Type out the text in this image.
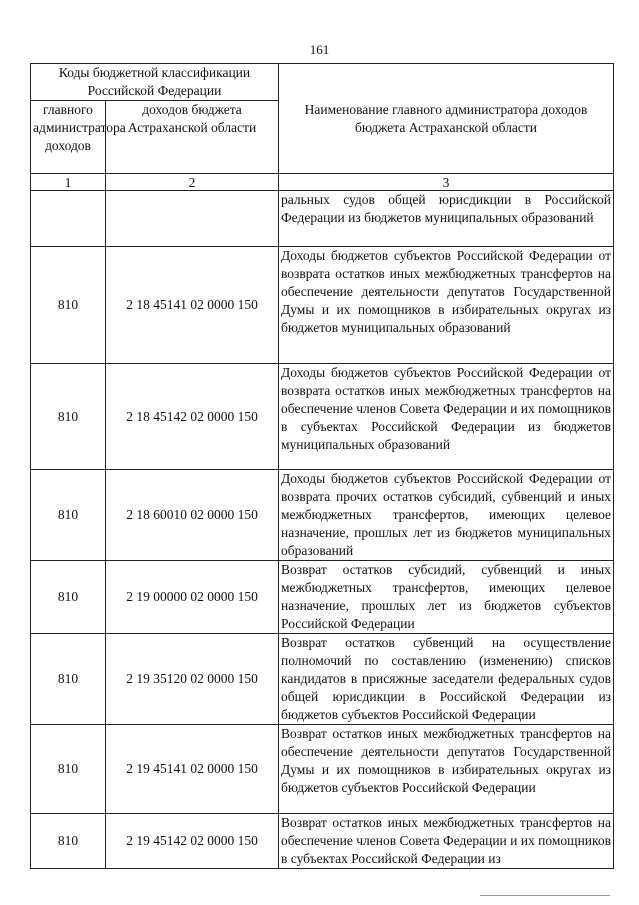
161
Коды бюджетной классификации Российской Федерации		Наименование главного администратора доходов бюджета Астраханской области
главного администратора доходов	доходов бюджета Астраханской области	
1	2	3
		ральных судов общей юрисдикции в Российской Федерации из бюджетов муниципальных образований
810	2 18 45141 02 0000 150	Доходы бюджетов субъектов Российской Федерации от возврата остатков иных межбюджетных трансфертов на обеспечение деятельности депутатов Государственной Думы и их помощников в избирательных округах из бюджетов муниципальных образований
810	2 18 45142 02 0000 150	Доходы бюджетов субъектов Российской Федерации от возврата остатков иных межбюджетных трансфертов на обеспечение членов Совета Федерации и их помощников в субъектах Российской Федерации из бюджетов муниципальных образований
810	2 18 60010 02 0000 150	Доходы бюджетов субъектов Российской Федерации от возврата прочих остатков субсидий, субвенций и иных межбюджетных трансфертов, имеющих целевое назначение, прошлых лет из бюджетов муниципальных образований
810	2 19 00000 02 0000 150	Возврат остатков субсидий, субвенций и иных межбюджетных трансфертов, имеющих целевое назначение, прошлых лет из бюджетов субъектов Российской Федерации
810	2 19 35120 02 0000 150	Возврат остатков субвенций на осуществление полномочий по составлению (изменению) списков кандидатов в присяжные заседатели федеральных судов общей юрисдикции в Российской Федерации из бюджетов субъектов Российской Федерации
810	2 19 45141 02 0000 150	Возврат остатков иных межбюджетных трансфертов на обеспечение деятельности депутатов Государственной Думы и их помощников в избирательных округах из бюджетов субъектов Российской Федерации
810	2 19 45142 02 0000 150	Возврат остатков иных межбюджетных трансфертов на обеспечение членов Совета Федерации и их помощников в субъектах Российской Федерации из
